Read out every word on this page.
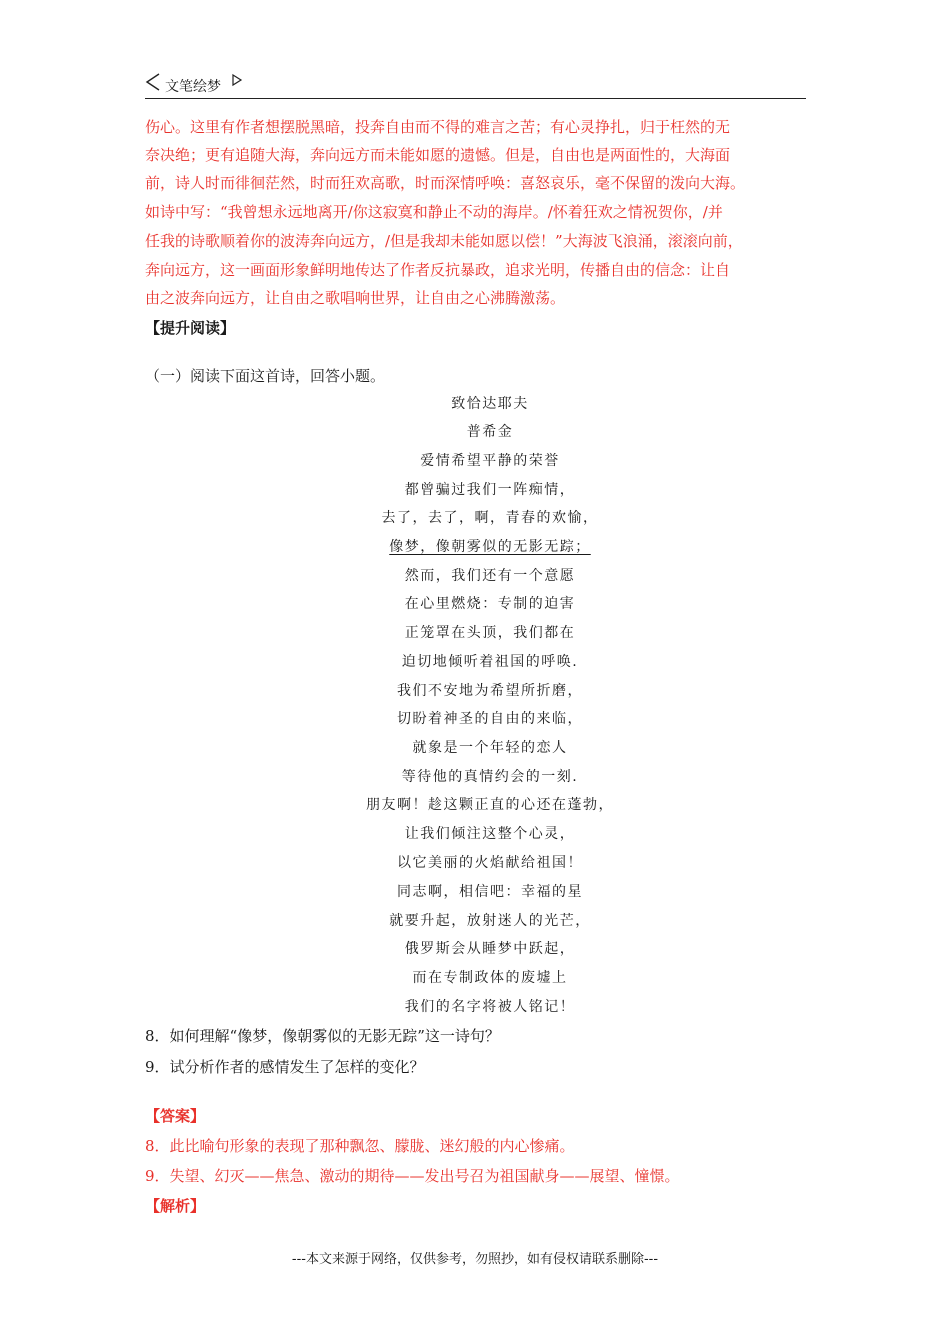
文笔绘梦
伤心。这里有作者想摆脱黑暗，投奔自由而不得的难言之苦；有心灵挣扎，归于枉然的无
奈决绝；更有追随大海，奔向远方而未能如愿的遗憾。但是，自由也是两面性的，大海面
前，诗人时而徘徊茫然，时而狂欢高歌，时而深情呼唤：喜怒哀乐，毫不保留的泼向大海。
如诗中写：“我曾想永远地离开/你这寂寞和静止不动的海岸。/怀着狂欢之情祝贺你，/并
任我的诗歌顺着你的波涛奔向远方，/但是我却未能如愿以偿！”大海波飞浪涌，滚滚向前，
奔向远方，这一画面形象鲜明地传达了作者反抗暴政，追求光明，传播自由的信念：让自
由之波奔向远方，让自由之歌唱响世界，让自由之心沸腾激荡。
【提升阅读】
（一）阅读下面这首诗，回答小题。
致恰达耶夫
普希金
爱情希望平静的荣誉
都曾骗过我们一阵痴情，
去了，去了，啊，青春的欢愉，
像梦，像朝雾似的无影无踪；
然而，我们还有一个意愿
在心里燃烧：专制的迫害
正笼罩在头顶，我们都在
迫切地倾听着祖国的呼唤.
我们不安地为希望所折磨，
切盼着神圣的自由的来临，
就象是一个年轻的恋人
等待他的真情约会的一刻.
朋友啊！趁这颗正直的心还在蓬勃，
让我们倾注这整个心灵，
以它美丽的火焰献给祖国！
同志啊，相信吧：幸福的星
就要升起，放射迷人的光芒，
俄罗斯会从睡梦中跃起，
而在专制政体的废墟上
我们的名字将被人铭记！
8．如何理解“像梦，像朝雾似的无影无踪”这一诗句？
9．试分析作者的感情发生了怎样的变化？
【答案】
8．此比喻句形象的表现了那种飘忽、朦胧、迷幻般的内心惨痛。
9．失望、幻灭——焦急、激动的期待——发出号召为祖国献身——展望、憧憬。
【解析】
---本文来源于网络，仅供参考，勿照抄，如有侵权请联系删除---
